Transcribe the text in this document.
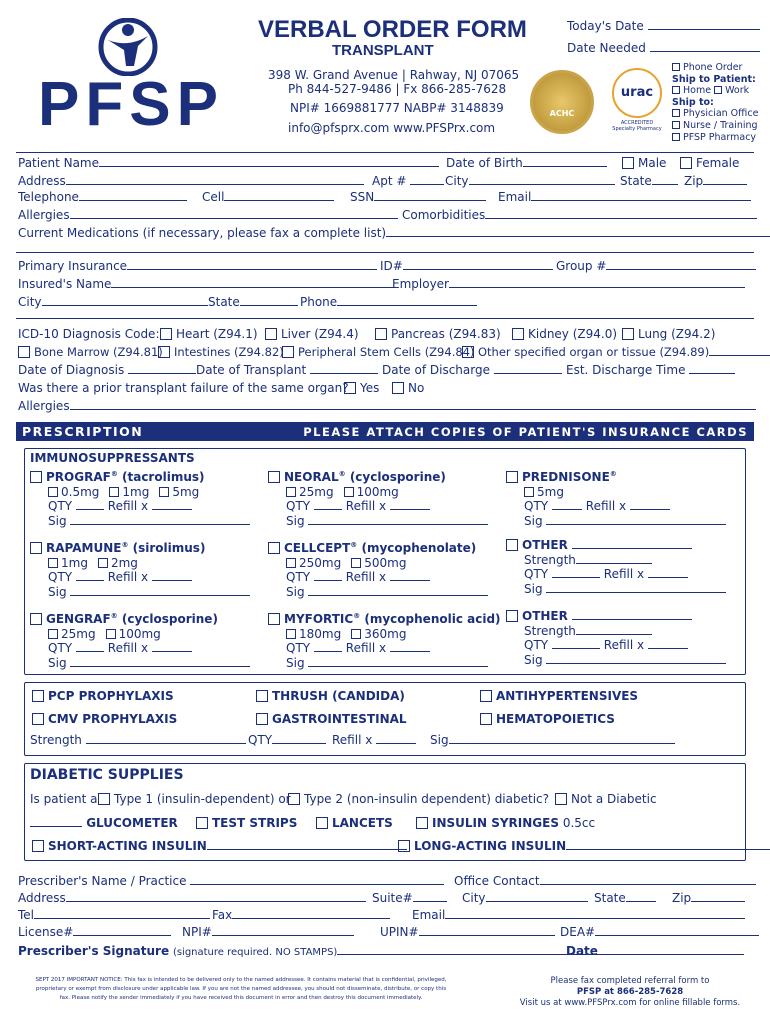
PFSP
VERBAL ORDER FORM
TRANSPLANT
398 W. Grand Avenue | Rahway, NJ 07065
Ph 844-527-9486 | Fx 866-285-7628
NPI# 1669881777 NABP# 3148839
info@pfsprx.com www.PFSPrx.com
ACHC
urac
ACCREDITED
Specialty Pharmacy
Today's Date
Date Needed
Phone Order
Ship to Patient:
Home Work
Ship to:
Physician Office
Nurse / Training
PFSP Pharmacy
Patient Name	Date of Birth	Male	Female
Address	Apt #	City	State	Zip
Telephone	Cell	SSN	Email
Allergies	Comorbidities
Current Medications (if necessary, please fax a complete list)
Primary Insurance	ID#	Group #
Insured's Name	Employer
City	State	Phone
ICD-10 Diagnosis Code:	Heart (Z94.1)	Liver (Z94.4)	Pancreas (Z94.83)	Kidney (Z94.0)	Lung (Z94.2)
Bone Marrow (Z94.81) Intestines (Z94.82)	Peripheral Stem Cells (Z94.84) Other specified organ or tissue (Z94.89)
Date of Diagnosis	Date of Transplant	Date of Discharge	Est. Discharge Time
Was there a prior transplant failure of the same organ? Yes	No
Allergies
PRESCRIPTION	PLEASE ATTACH COPIES OF PATIENT'S INSURANCE CARDS
IMMUNOSUPPRESSANTS
PROGRAF® (tacrolimus)
0.5mg 1mg 5mg
QTY	Refill x
Sig
NEORAL® (cyclosporine)
25mg 100mg
QTY	Refill x
Sig
PREDNISONE®
5mg
QTY	Refill x
Sig
RAPAMUNE® (sirolimus)
1mg 2mg
QTY	Refill x
Sig
CELLCEPT® (mycophenolate)
250mg 500mg
QTY	Refill x
Sig
OTHER
Strength
QTY	Refill x
Sig
GENGRAF® (cyclosporine)
25mg 100mg
QTY	Refill x
Sig
MYFORTIC® (mycophenolic acid)
180mg 360mg
QTY	Refill x
Sig
OTHER
Strength
QTY	Refill x
Sig
PCP PROPHYLAXIS	THRUSH (CANDIDA)	ANTIHYPERTENSIVES
CMV PROPHYLAXIS	GASTROINTESTINAL	HEMATOPOIETICS
Strength	QTY	Refill x	Sig
DIABETIC SUPPLIES
Is patient a	Type 1 (insulin-dependent) or	Type 2 (non-insulin dependent) diabetic?	Not a Diabetic
GLUCOMETER	TEST STRIPS	LANCETS	INSULIN SYRINGES 0.5cc
SHORT-ACTING INSULIN	LONG-ACTING INSULIN
Prescriber's Name / Practice	Office Contact
Address	Suite#	City	State	Zip
Tel	Fax	Email
License#	NPI#	UPIN#	DEA#
Prescriber's Signature (signature required. NO STAMPS)	Date
SEPT 2017 IMPORTANT NOTICE: This fax is intended to be delivered only to the named addressee. It contains material that is confidential, privileged,
proprietary or exempt from disclosure under applicable law. If you are not the named addressee, you should not disseminate, distribute, or copy this
fax. Please notify the sender immediately if you have received this document in error and then destroy this document immediately.
Please fax completed referral form to
PFSP at 866-285-7628
Visit us at www.PFSPrx.com for online fillable forms.
